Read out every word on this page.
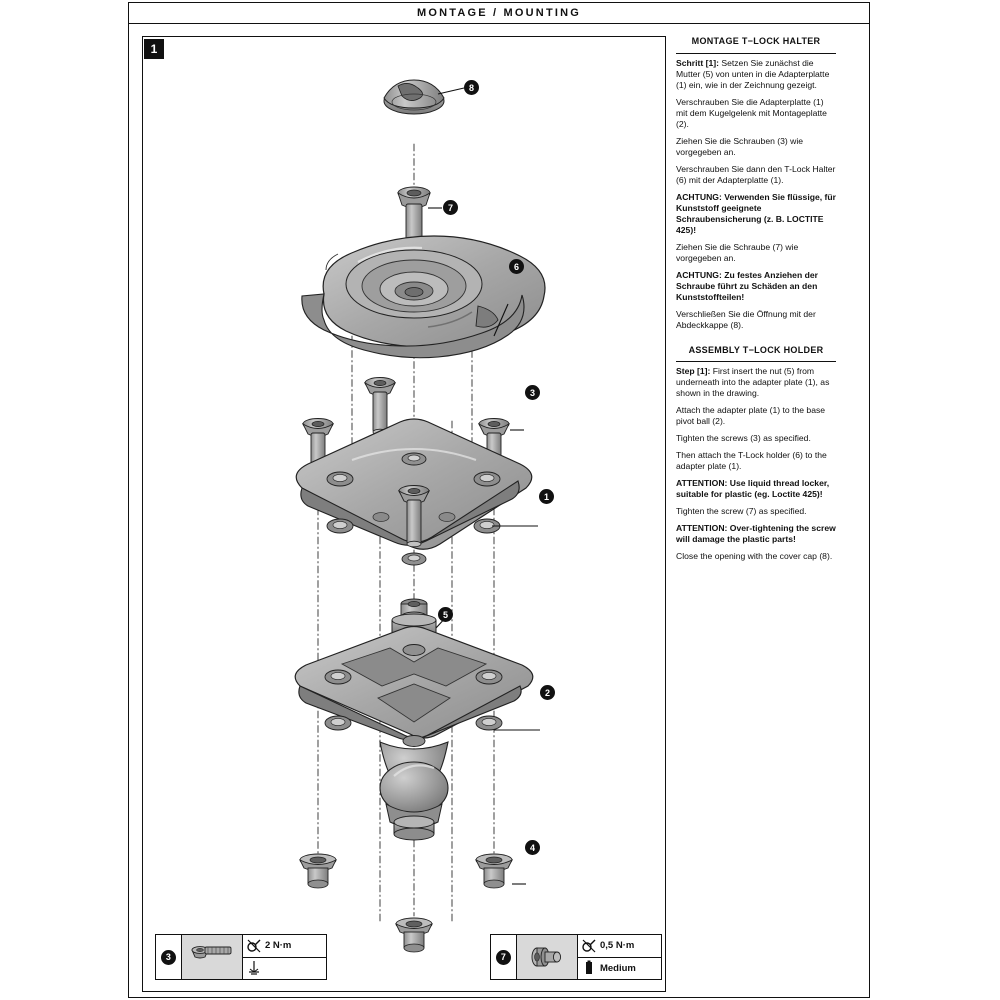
MONTAGE / MOUNTING
1
8
7
6
3
1
5
2
4
MONTAGE T−LOCK HALTER

Schritt [1]: Setzen Sie zunächst die Mutter (5) von unten in die Adapterplatte (1) ein, wie in der Zeichnung gezeigt.

Verschrauben Sie die Adapterplatte (1) mit dem Kugelgelenk mit Montageplatte (2).

Ziehen Sie die Schrauben (3) wie vorgegeben an.

Verschrauben Sie dann den T-Lock Halter (6) mit der Adapterplatte (1).

ACHTUNG: Verwenden Sie flüssige, für Kunststoff geeignete Schraubensicherung (z. B. LOCTITE 425)!

Ziehen Sie die Schraube (7) wie vorgegeben an.

ACHTUNG: Zu festes Anziehen der Schraube führt zu Schäden an den Kunststoffteilen!

Verschließen Sie die Öffnung mit der Abdeckkappe (8).

ASSEMBLY T−LOCK HOLDER

Step [1]: First insert the nut (5) from underneath into the adapter plate (1), as shown in the drawing.

Attach the adapter plate (1) to the base pivot ball (2).

Tighten the screws (3) as specified.

Then attach the T-Lock holder (6) to the adapter plate (1).

ATTENTION: Use liquid thread locker, suitable for plastic (eg. Loctite 425)!

Tighten the screw (7) as specified.

ATTENTION: Over-tightening the screw will damage the plastic parts!

Close the opening with the cover cap (8).

3
2 N·m
7
0,5 N·m
Medium
